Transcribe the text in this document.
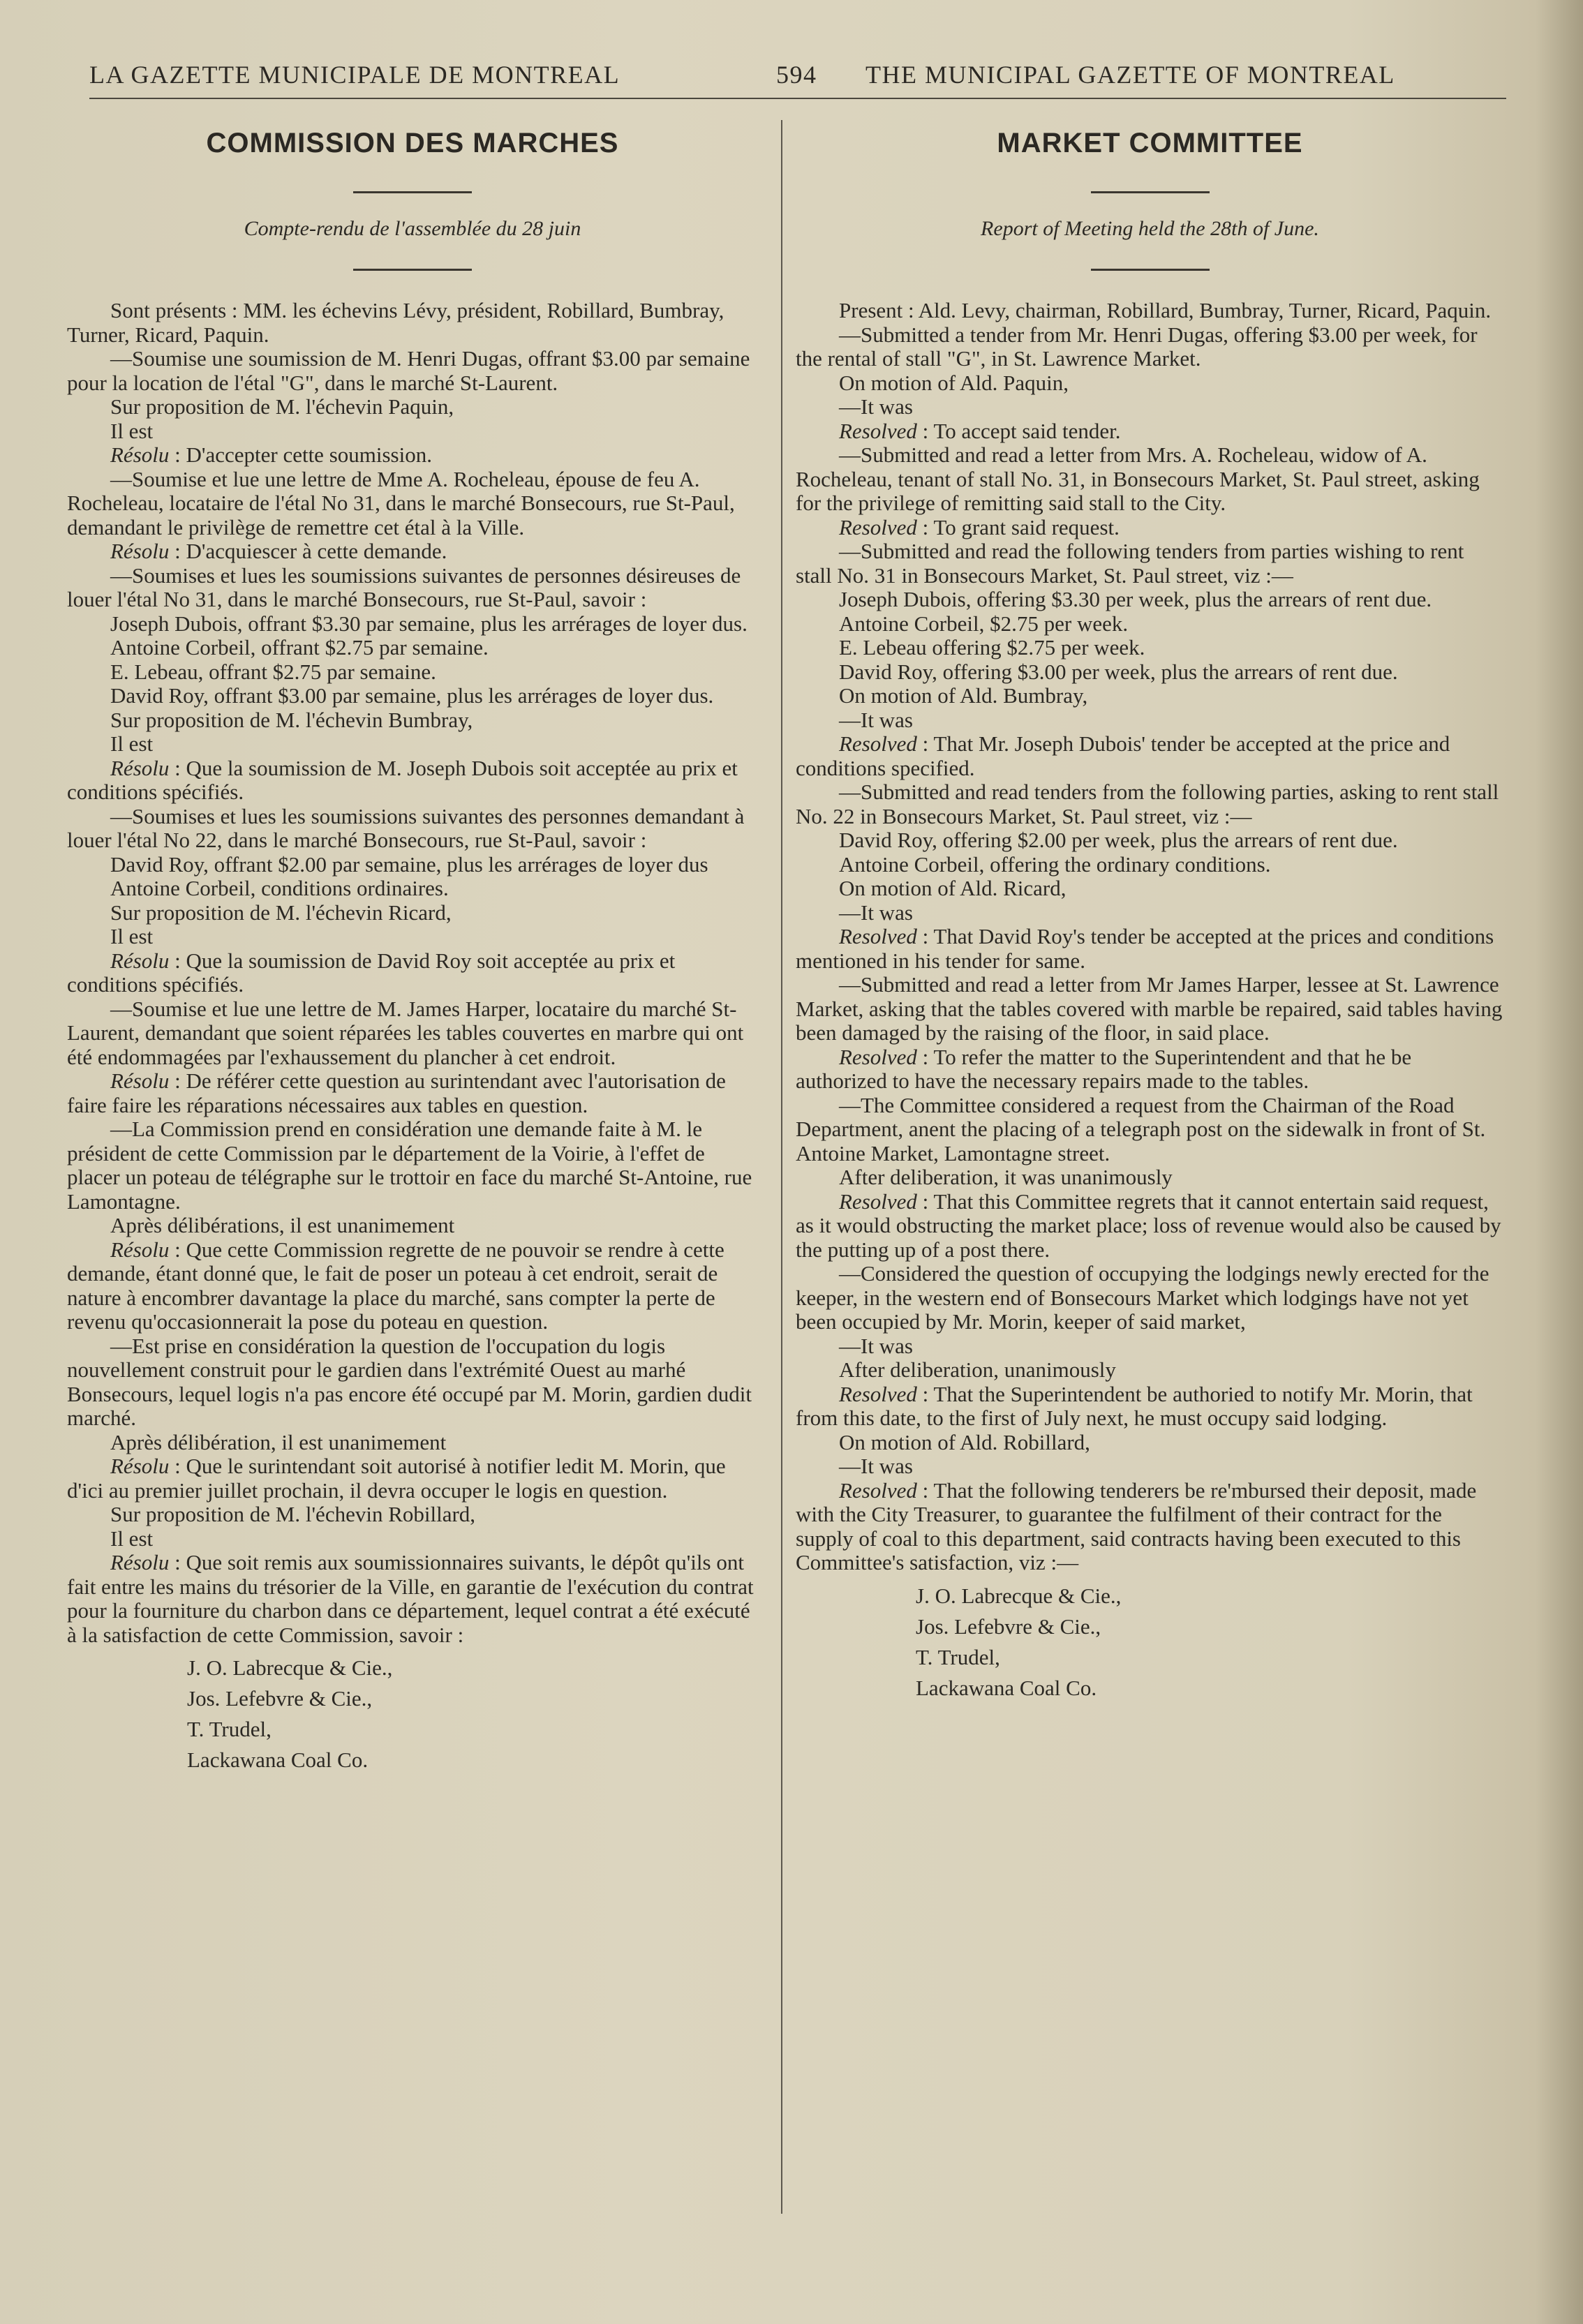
LA GAZETTE MUNICIPALE DE MONTREAL	594 THE MUNICIPAL GAZETTE OF MONTREAL
COMMISSION DES MARCHES
Compte-rendu de l'assemblée du 28 juin

Sont présents : MM. les échevins Lévy, président, Robillard, Bumbray, Turner, Ricard, Paquin.

—Soumise une soumission de M. Henri Dugas, offrant $3.00 par semaine pour la location de l'étal "G", dans le marché St-Laurent.

Sur proposition de M. l'échevin Paquin,

Il est

Résolu : D'accepter cette soumission.

—Soumise et lue une lettre de Mme A. Rocheleau, épouse de feu A. Rocheleau, locataire de l'étal No 31, dans le marché Bonsecours, rue St-Paul, demandant le privilège de remettre cet étal à la Ville.

Résolu : D'acquiescer à cette demande.

—Soumises et lues les soumissions suivantes de personnes désireuses de louer l'étal No 31, dans le marché Bonsecours, rue St-Paul, savoir :

Joseph Dubois, offrant $3.30 par semaine, plus les arrérages de loyer dus.

Antoine Corbeil, offrant $2.75 par semaine.

E. Lebeau, offrant $2.75 par semaine.

David Roy, offrant $3.00 par semaine, plus les arrérages de loyer dus.

Sur proposition de M. l'échevin Bumbray,

Il est

Résolu : Que la soumission de M. Joseph Dubois soit acceptée au prix et conditions spécifiés.

—Soumises et lues les soumissions suivantes des personnes demandant à louer l'étal No 22, dans le marché Bonsecours, rue St-Paul, savoir :

David Roy, offrant $2.00 par semaine, plus les arrérages de loyer dus

Antoine Corbeil, conditions ordinaires.

Sur proposition de M. l'échevin Ricard,

Il est

Résolu : Que la soumission de David Roy soit acceptée au prix et conditions spécifiés.

—Soumise et lue une lettre de M. James Harper, locataire du marché St-Laurent, demandant que soient réparées les tables couvertes en marbre qui ont été endommagées par l'exhaussement du plancher à cet endroit.

Résolu : De référer cette question au surintendant avec l'autorisation de faire faire les réparations nécessaires aux tables en question.

—La Commission prend en considération une demande faite à M. le président de cette Commission par le département de la Voirie, à l'effet de placer un poteau de télégraphe sur le trottoir en face du marché St-Antoine, rue Lamontagne.

Après délibérations, il est unanimement

Résolu : Que cette Commission regrette de ne pouvoir se rendre à cette demande, étant donné que, le fait de poser un poteau à cet endroit, serait de nature à encombrer davantage la place du marché, sans compter la perte de revenu qu'occasionnerait la pose du poteau en question.

—Est prise en considération la question de l'occupation du logis nouvellement construit pour le gardien dans l'extrémité Ouest au marhé Bonsecours, lequel logis n'a pas encore été occupé par M. Morin, gardien dudit marché.

Après délibération, il est unanimement

Résolu : Que le surintendant soit autorisé à notifier ledit M. Morin, que d'ici au premier juillet prochain, il devra occuper le logis en question.

Sur proposition de M. l'échevin Robillard,

Il est

Résolu : Que soit remis aux soumissionnaires suivants, le dépôt qu'ils ont fait entre les mains du trésorier de la Ville, en garantie de l'exécution du contrat pour la fourniture du charbon dans ce département, lequel contrat a été exécuté à la satisfaction de cette Commission, savoir :

J. O. Labrecque & Cie.,

Jos. Lefebvre & Cie.,

T. Trudel,

Lackawana Coal Co.

MARKET COMMITTEE
Report of Meeting held the 28th of June.

Present : Ald. Levy, chairman, Robillard, Bumbray, Turner, Ricard, Paquin.

—Submitted a tender from Mr. Henri Dugas, offering $3.00 per week, for the rental of stall "G", in St. Lawrence Market.

On motion of Ald. Paquin,

—It was

Resolved : To accept said tender.

—Submitted and read a letter from Mrs. A. Rocheleau, widow of A. Rocheleau, tenant of stall No. 31, in Bonsecours Market, St. Paul street, asking for the privilege of remitting said stall to the City.

Resolved : To grant said request.

—Submitted and read the following tenders from parties wishing to rent stall No. 31 in Bonsecours Market, St. Paul street, viz :—

Joseph Dubois, offering $3.30 per week, plus the arrears of rent due.

Antoine Corbeil, $2.75 per week.

E. Lebeau offering $2.75 per week.

David Roy, offering $3.00 per week, plus the arrears of rent due.

On motion of Ald. Bumbray,

—It was

Resolved : That Mr. Joseph Dubois' tender be accepted at the price and conditions specified.

—Submitted and read tenders from the following parties, asking to rent stall No. 22 in Bonsecours Market, St. Paul street, viz :—

David Roy, offering $2.00 per week, plus the arrears of rent due.

Antoine Corbeil, offering the ordinary conditions.

On motion of Ald. Ricard,

—It was

Resolved : That David Roy's tender be accepted at the prices and conditions mentioned in his tender for same.

—Submitted and read a letter from Mr James Harper, lessee at St. Lawrence Market, asking that the tables covered with marble be repaired, said tables having been damaged by the raising of the floor, in said place.

Resolved : To refer the matter to the Superintendent and that he be authorized to have the necessary repairs made to the tables.

—The Committee considered a request from the Chairman of the Road Department, anent the placing of a telegraph post on the sidewalk in front of St. Antoine Market, Lamontagne street.

After deliberation, it was unanimously

Resolved : That this Committee regrets that it cannot entertain said request, as it would obstructing the market place; loss of revenue would also be caused by the putting up of a post there.

—Considered the question of occupying the lodgings newly erected for the keeper, in the western end of Bonsecours Market which lodgings have not yet been occupied by Mr. Morin, keeper of said market,

—It was

After deliberation, unanimously

Resolved : That the Superintendent be authoried to notify Mr. Morin, that from this date, to the first of July next, he must occupy said lodging.

On motion of Ald. Robillard,

—It was

Resolved : That the following tenderers be re'mbursed their deposit, made with the City Treasurer, to guarantee the fulfilment of their contract for the supply of coal to this department, said contracts having been executed to this Committee's satisfaction, viz :—

J. O. Labrecque & Cie.,

Jos. Lefebvre & Cie.,

T. Trudel,

Lackawana Coal Co.
